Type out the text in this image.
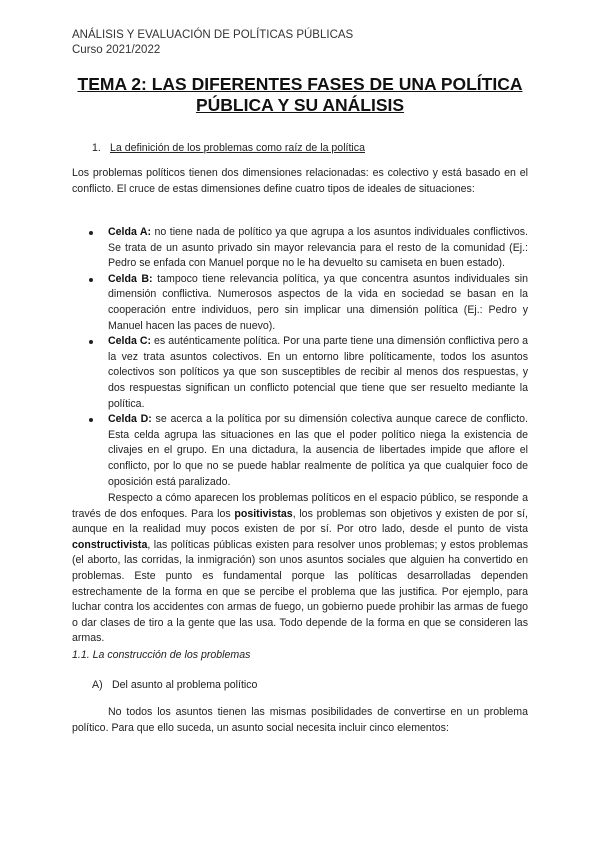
ANÁLISIS Y EVALUACIÓN DE POLÍTICAS PÚBLICAS
Curso 2021/2022
TEMA 2: LAS DIFERENTES FASES DE UNA POLÍTICA
PÚBLICA Y SU ANÁLISIS
1. La definición de los problemas como raíz de la política
Los problemas políticos tienen dos dimensiones relacionadas: es colectivo y está basado en el conflicto. El cruce de estas dimensiones define cuatro tipos de ideales de situaciones:
Celda A: no tiene nada de político ya que agrupa a los asuntos individuales conflictivos. Se trata de un asunto privado sin mayor relevancia para el resto de la comunidad (Ej.: Pedro se enfada con Manuel porque no le ha devuelto su camiseta en buen estado).
Celda B: tampoco tiene relevancia política, ya que concentra asuntos individuales sin dimensión conflictiva. Numerosos aspectos de la vida en sociedad se basan en la cooperación entre individuos, pero sin implicar una dimensión política (Ej.: Pedro y Manuel hacen las paces de nuevo).
Celda C: es auténticamente política. Por una parte tiene una dimensión conflictiva pero a la vez trata asuntos colectivos. En un entorno libre políticamente, todos los asuntos colectivos son políticos ya que son susceptibles de recibir al menos dos respuestas, y dos respuestas significan un conflicto potencial que tiene que ser resuelto mediante la política.
Celda D: se acerca a la política por su dimensión colectiva aunque carece de conflicto. Esta celda agrupa las situaciones en las que el poder político niega la existencia de clivajes en el grupo. En una dictadura, la ausencia de libertades impide que aflore el conflicto, por lo que no se puede hablar realmente de política ya que cualquier foco de oposición está paralizado.
Respecto a cómo aparecen los problemas políticos en el espacio público, se responde a través de dos enfoques. Para los positivistas, los problemas son objetivos y existen de por sí, aunque en la realidad muy pocos existen de por sí. Por otro lado, desde el punto de vista constructivista, las políticas públicas existen para resolver unos problemas; y estos problemas (el aborto, las corridas, la inmigración) son unos asuntos sociales que alguien ha convertido en problemas. Este punto es fundamental porque las políticas desarrolladas dependen estrechamente de la forma en que se percibe el problema que las justifica. Por ejemplo, para luchar contra los accidentes con armas de fuego, un gobierno puede prohibir las armas de fuego o dar clases de tiro a la gente que las usa. Todo depende de la forma en que se consideren las armas.
1.1. La construcción de los problemas
A) Del asunto al problema político
No todos los asuntos tienen las mismas posibilidades de convertirse en un problema político. Para que ello suceda, un asunto social necesita incluir cinco elementos:
